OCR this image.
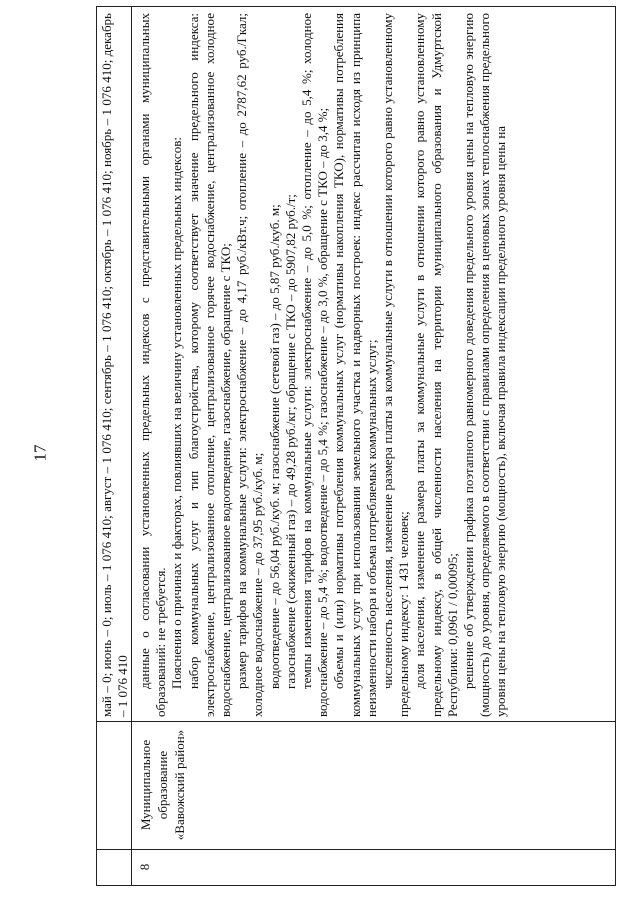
17	май – 0; июнь – 0; июль – 1 076 410; август – 1 076 410; сентябрь – 1 076 410; октябрь – 1 076 410; ноябрь – 1 076 410; декабрь – 1 076 410
8
Муниципальное образование «Вавожский район»

данные о согласовании установленных предельных индексов с представительными органами муниципальных образований: не требуется. Пояснения о причинах и факторах, повлиявших на величину установленных предельных индексов: набор коммунальных услуг и тип благоустройства, которому соответствует значение предельного индекса: электроснабжение, централизованное отопление, централизованное горячее водоснабжение, централизованное холодное водоснабжение, централизованное водоотведение, газоснабжение, обращение с ТКО; размер тарифов на коммунальные услуги: электроснабжение – до 4,17 руб./кВт.ч; отопление – до 2787,62 руб./Гкал; холодное водоснабжение – до 37,95 руб./куб. м; водоотведение – до 56,04 руб./куб. м; газоснабжение (сетевой газ) – до 5,87 руб./куб. м; газоснабжение (сжиженный газ) – до 49,28 руб./кг; обращение с ТКО – до 5907,82 руб./т; темпы изменения тарифов на коммунальные услуги: электроснабжение – до 5,0 %; отопление – до 5,4 %; холодное водоснабжение – до 5,4 %; водоотведение – до 5,4 %; газоснабжение – до 3,0 %, обращение с ТКО – до 3,4 %; объемы и (или) нормативы потребления коммунальных услуг (нормативы накопления ТКО), нормативы потребления коммунальных услуг при использовании земельного участка и надворных построек: индекс рассчитан исходя из принципа неизменности набора и объема потребляемых коммунальных услуг; численность населения, изменение размера платы за коммунальные услуги в отношении которого равно установленному предельному индексу: 1 431 человек; доля населения, изменение размера платы за коммунальные услуги в отношении которого равно установленному предельному индексу, в общей численности населения на территории муниципального образования и Удмуртской Республики: 0,0961 / 0,00095; решение об утверждении графика поэтапного равномерного доведения предельного уровня цены на тепловую энергию (мощность) до уровня, определяемого в соответствии с правилами определения в ценовых зонах теплоснабжения предельного уровня цены на тепловую энергию (мощность), включая правила индексации предельного уровня цены на
